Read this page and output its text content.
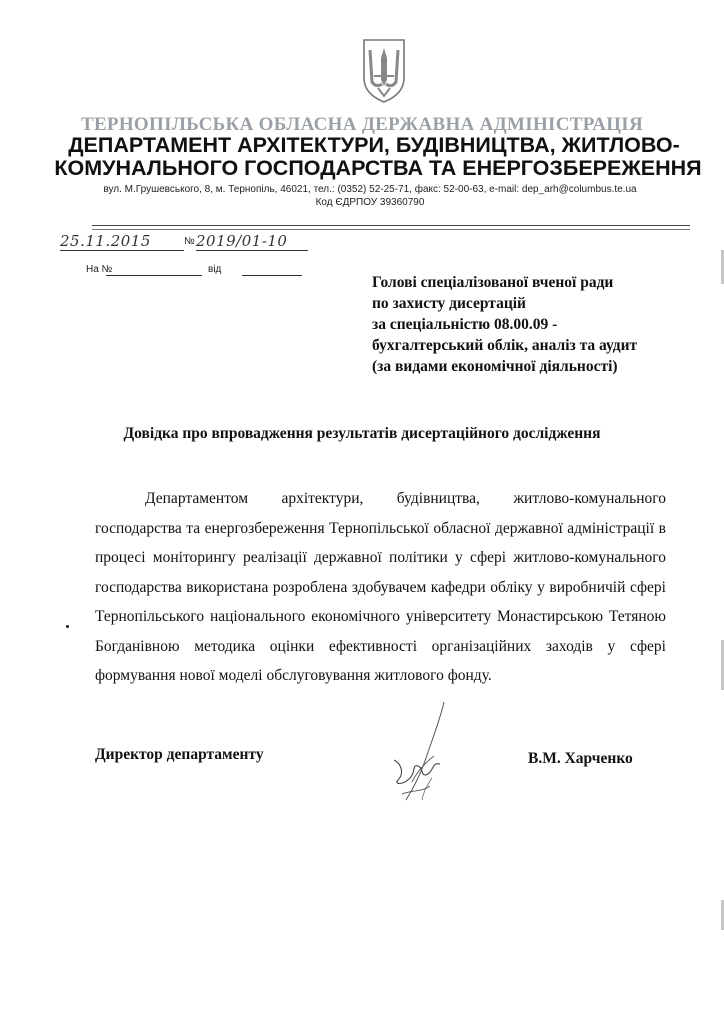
ТЕРНОПІЛЬСЬКА ОБЛАСНА ДЕРЖАВНА АДМІНІСТРАЦІЯ
ДЕПАРТАМЕНТ АРХІТЕКТУРИ, БУДІВНИЦТВА, ЖИТЛОВО-
КОМУНАЛЬНОГО ГОСПОДАРСТВА ТА ЕНЕРГОЗБЕРЕЖЕННЯ
вул. М.Грушевського, 8, м. Тернопіль, 46021, тел.: (0352) 52-25-71, факс: 52-00-63, e-mail: dep_arh@columbus.te.ua
Код ЄДРПОУ 39360790
25.11.2015	№ 2019/01-10
На №	від
Голові спеціалізованої вченої ради
по захисту дисертацій
за спеціальністю 08.00.09 -
бухгалтерський облік, аналіз та аудит
(за видами економічної діяльності)
Довідка про впровадження результатів дисертаційного дослідження
Департаментом архітектури, будівництва, житлово-комунального господарства та енергозбереження Тернопільської обласної державної адміністрації в процесі моніторингу реалізації державної політики у сфері житлово-комунального господарства використана розроблена здобувачем кафедри обліку у виробничій сфері Тернопільського національного економічного університету Монастирською Тетяною Богданівною методика оцінки ефективності організаційних заходів у сфері формування нової моделі обслуговування житлового фонду.
Директор департаменту	В.М. Харченко
